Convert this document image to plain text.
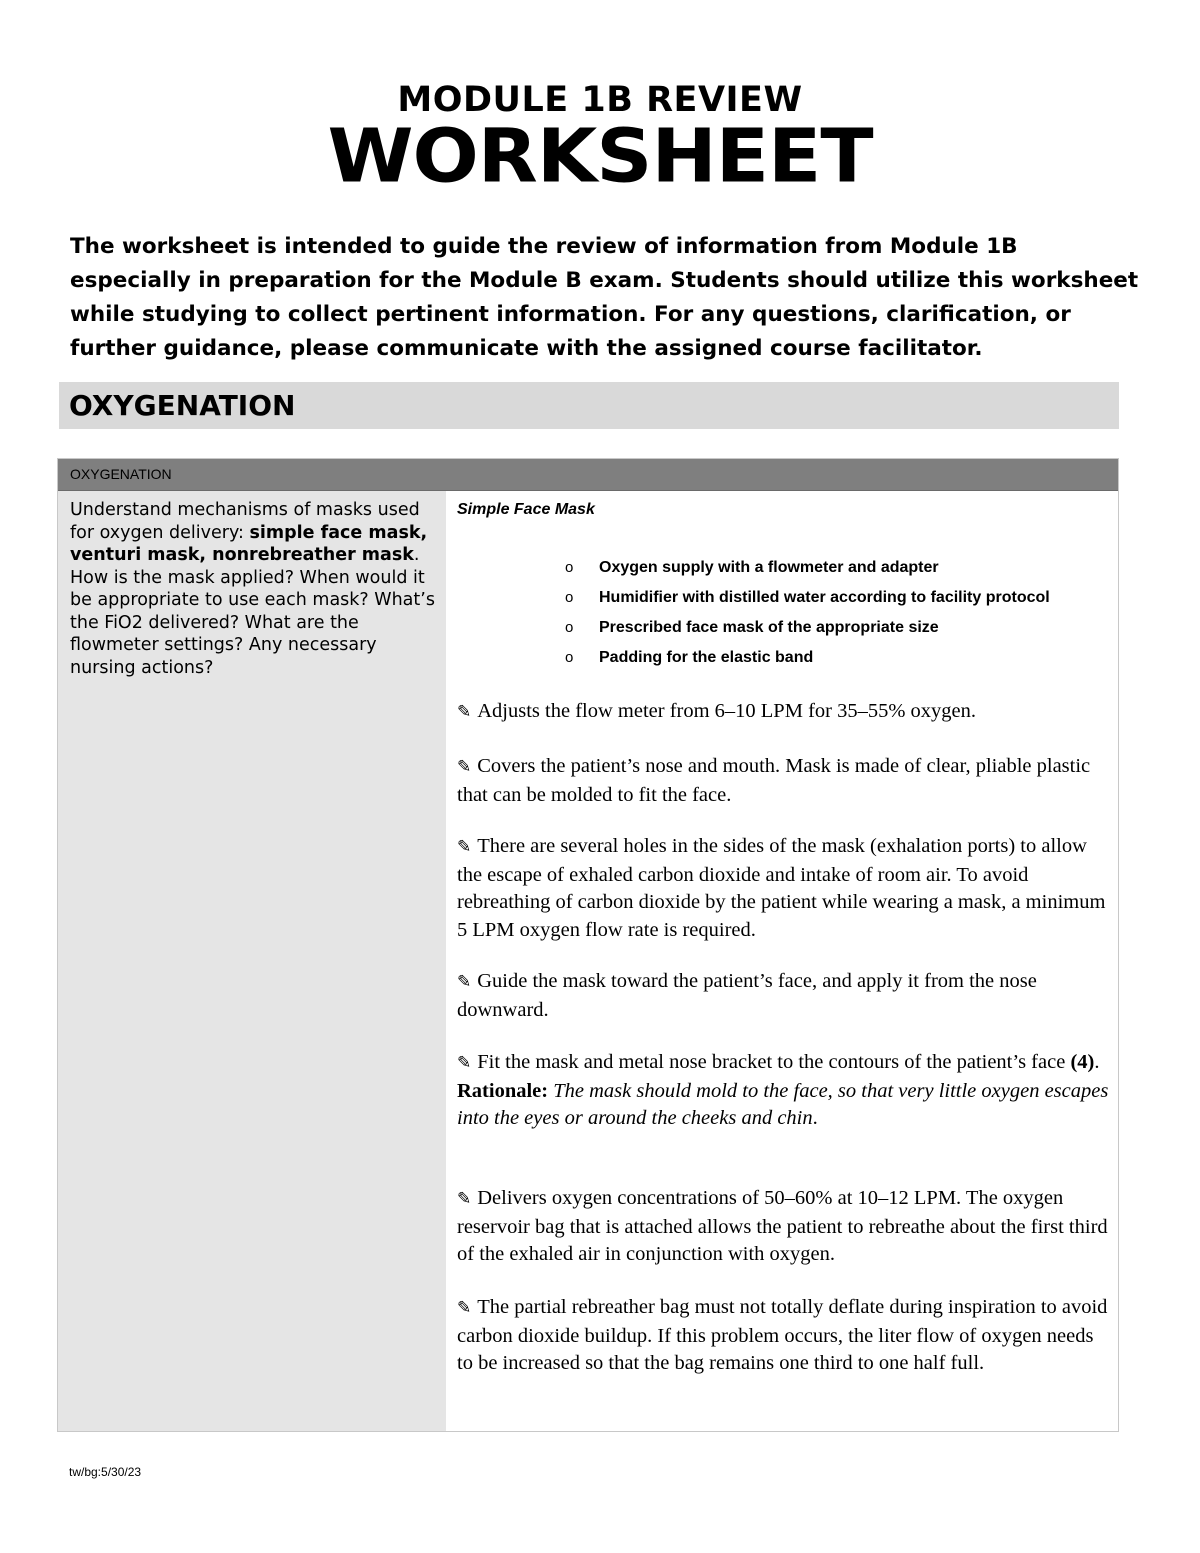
MODULE 1B REVIEW
WORKSHEET
The worksheet is intended to guide the review of information from Module 1B especially in preparation for the Module B exam. Students should utilize this worksheet while studying to collect pertinent information. For any questions, clarification, or further guidance, please communicate with the assigned course facilitator.
OXYGENATION
OXYGENATION

Understand mechanisms of masks used for oxygen delivery: simple face mask, venturi mask, nonrebreather mask. How is the mask applied? When would it be appropriate to use each mask? What’s the FiO2 delivered? What are the flowmeter settings? Any necessary nursing actions?

Simple Face Mask
o Oxygen supply with a flowmeter and adapter
o Humidifier with distilled water according to facility protocol
o Prescribed face mask of the appropriate size
o Padding for the elastic band
✎ Adjusts the flow meter from 6–10 LPM for 35–55% oxygen.
✎ Covers the patient’s nose and mouth. Mask is made of clear, pliable plastic that can be molded to fit the face.
✎ There are several holes in the sides of the mask (exhalation ports) to allow the escape of exhaled carbon dioxide and intake of room air. To avoid rebreathing of carbon dioxide by the patient while wearing a mask, a minimum 5 LPM oxygen flow rate is required.
✎ Guide the mask toward the patient’s face, and apply it from the nose downward.
✎ Fit the mask and metal nose bracket to the contours of the patient’s face (4). Rationale: The mask should mold to the face, so that very little oxygen escapes into the eyes or around the cheeks and chin.
✎ Delivers oxygen concentrations of 50–60% at 10–12 LPM. The oxygen reservoir bag that is attached allows the patient to rebreathe about the first third of the exhaled air in conjunction with oxygen.
✎ The partial rebreather bag must not totally deflate during inspiration to avoid carbon dioxide buildup. If this problem occurs, the liter flow of oxygen needs to be increased so that the bag remains one third to one half full.
tw/bg:5/30/23
